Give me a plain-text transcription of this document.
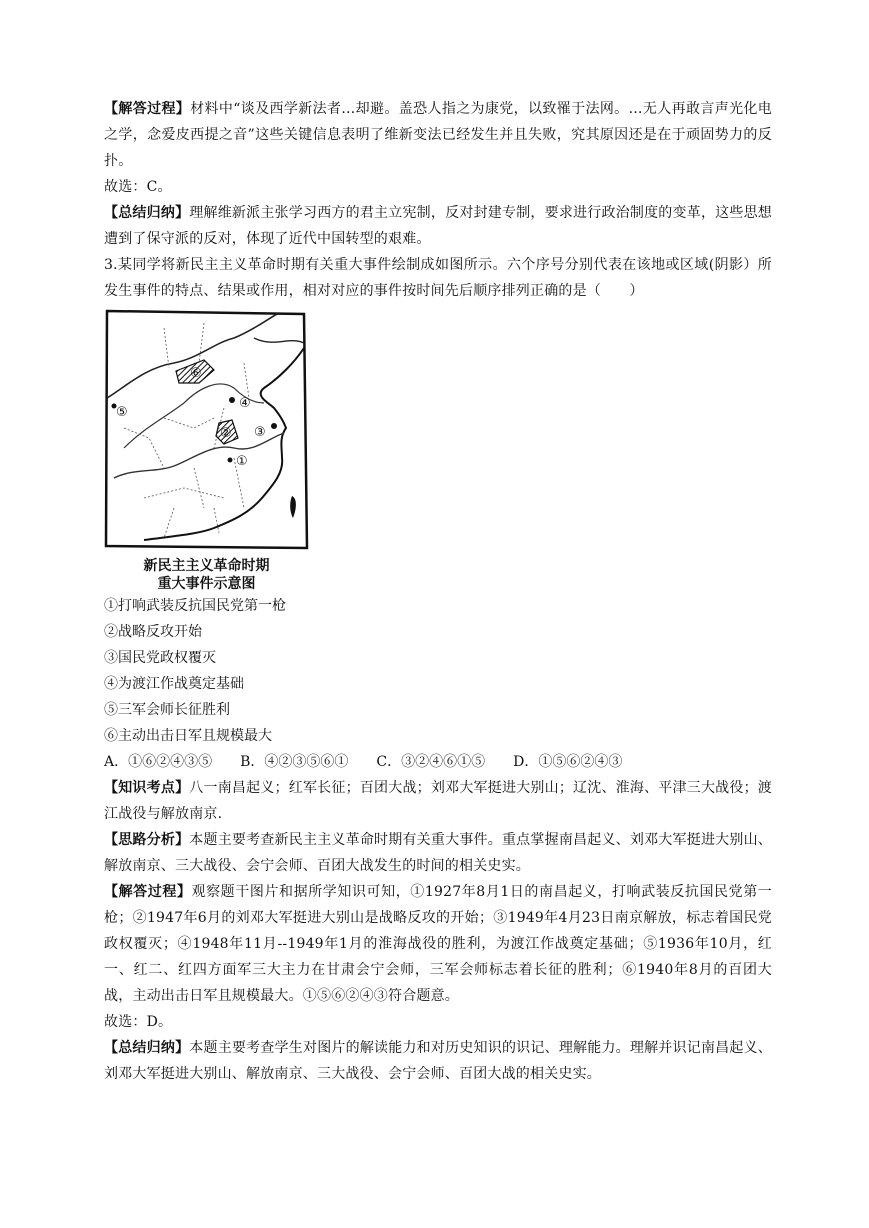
【解答过程】材料中“谈及西学新法者…却避。盖恐人指之为康党，以致罹于法网。…无人再敢言声光化电之学，念爱皮西提之音”这些关键信息表明了维新变法已经发生并且失败，究其原因还是在于顽固势力的反扑。

故选：C。

【总结归纳】理解维新派主张学习西方的君主立宪制，反对封建专制，要求进行政治制度的变革，这些思想遭到了保守派的反对，体现了近代中国转型的艰难。

3.某同学将新民主主义革命时期有关重大事件绘制成如图所示。六个序号分别代表在该地或区域(阴影）所发生事件的特点、结果或作用，相对对应的事件按时间先后顺序排列正确的是（　　）

⑥
④
⑤
② ③
①
新民主主义革命时期
重大事件示意图
①打响武装反抗国民党第一枪
②战略反攻开始
③国民党政权覆灭
④为渡江作战奠定基础
⑤三军会师长征胜利
⑥主动出击日军且规模最大
A．①⑥②④③⑤　　B．④②③⑤⑥①　　C．③②④⑥①⑤　　D．①⑤⑥②④③

【知识考点】八一南昌起义；红军长征；百团大战；刘邓大军挺进大别山；辽沈、淮海、平津三大战役；渡江战役与解放南京.

【思路分析】本题主要考查新民主主义革命时期有关重大事件。重点掌握南昌起义、刘邓大军挺进大别山、解放南京、三大战役、会宁会师、百团大战发生的时间的相关史实。

【解答过程】观察题干图片和据所学知识可知，①1927年8月1日的南昌起义，打响武装反抗国民党第一枪；②1947年6月的刘邓大军挺进大别山是战略反攻的开始；③1949年4月23日南京解放，标志着国民党政权覆灭；④1948年11月--1949年1月的淮海战役的胜利，为渡江作战奠定基础；⑤1936年10月，红一、红二、红四方面军三大主力在甘肃会宁会师，三军会师标志着长征的胜利；⑥1940年8月的百团大战，主动出击日军且规模最大。①⑤⑥②④③符合题意。

故选：D。

【总结归纳】本题主要考查学生对图片的解读能力和对历史知识的识记、理解能力。理解并识记南昌起义、刘邓大军挺进大别山、解放南京、三大战役、会宁会师、百团大战的相关史实。
